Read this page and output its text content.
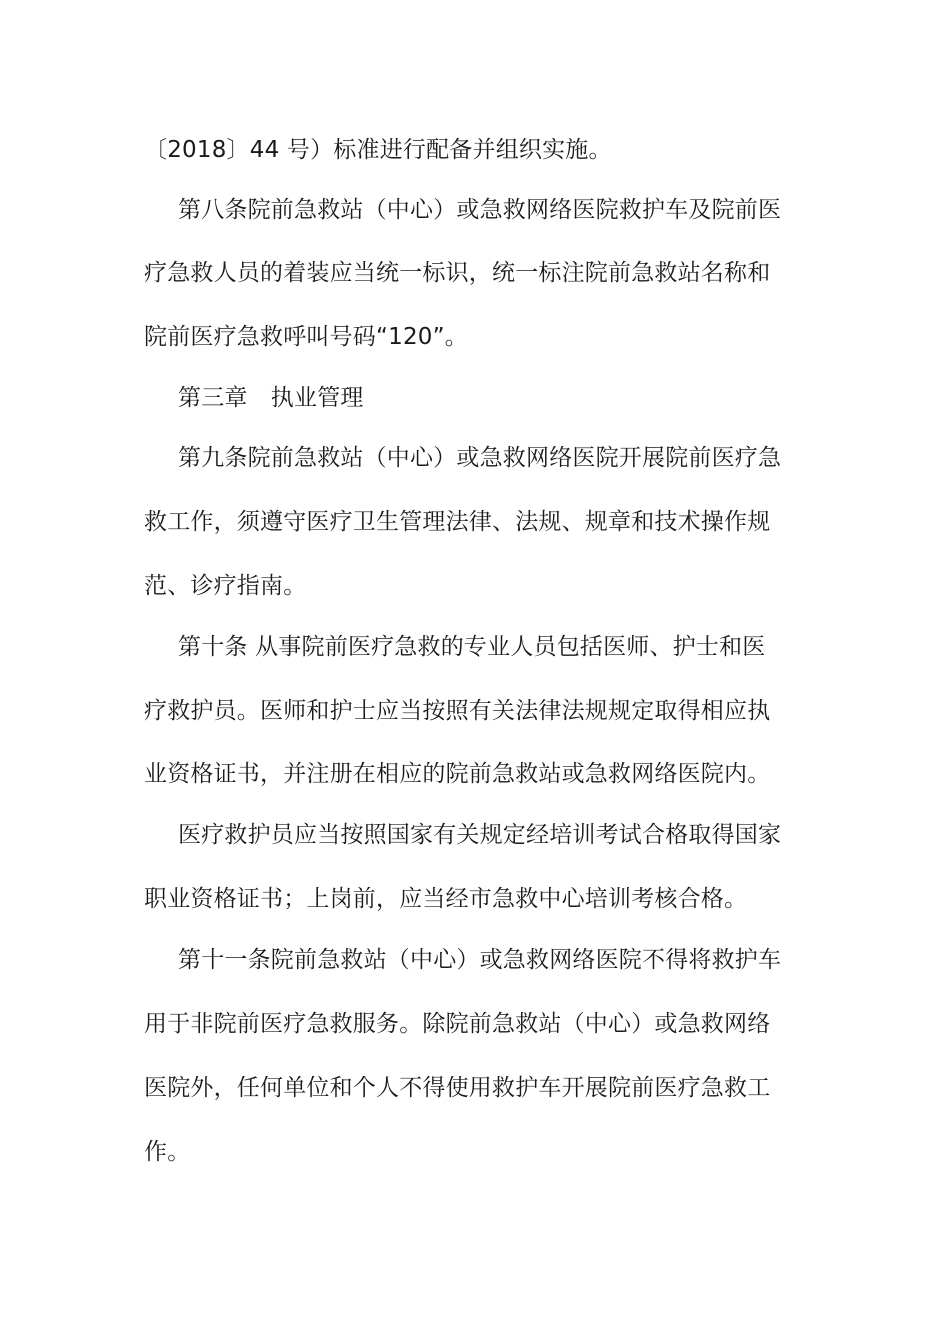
〔2018〕44 号）标准进行配备并组织实施。
第八条院前急救站（中心）或急救网络医院救护车及院前医
疗急救人员的着装应当统一标识，统一标注院前急救站名称和
院前医疗急救呼叫号码“120”。
第三章　执业管理
第九条院前急救站（中心）或急救网络医院开展院前医疗急
救工作，须遵守医疗卫生管理法律、法规、规章和技术操作规
范、诊疗指南。
第十条 从事院前医疗急救的专业人员包括医师、护士和医
疗救护员。医师和护士应当按照有关法律法规规定取得相应执
业资格证书，并注册在相应的院前急救站或急救网络医院内。
医疗救护员应当按照国家有关规定经培训考试合格取得国家
职业资格证书；上岗前，应当经市急救中心培训考核合格。
第十一条院前急救站（中心）或急救网络医院不得将救护车
用于非院前医疗急救服务。除院前急救站（中心）或急救网络
医院外，任何单位和个人不得使用救护车开展院前医疗急救工
作。
